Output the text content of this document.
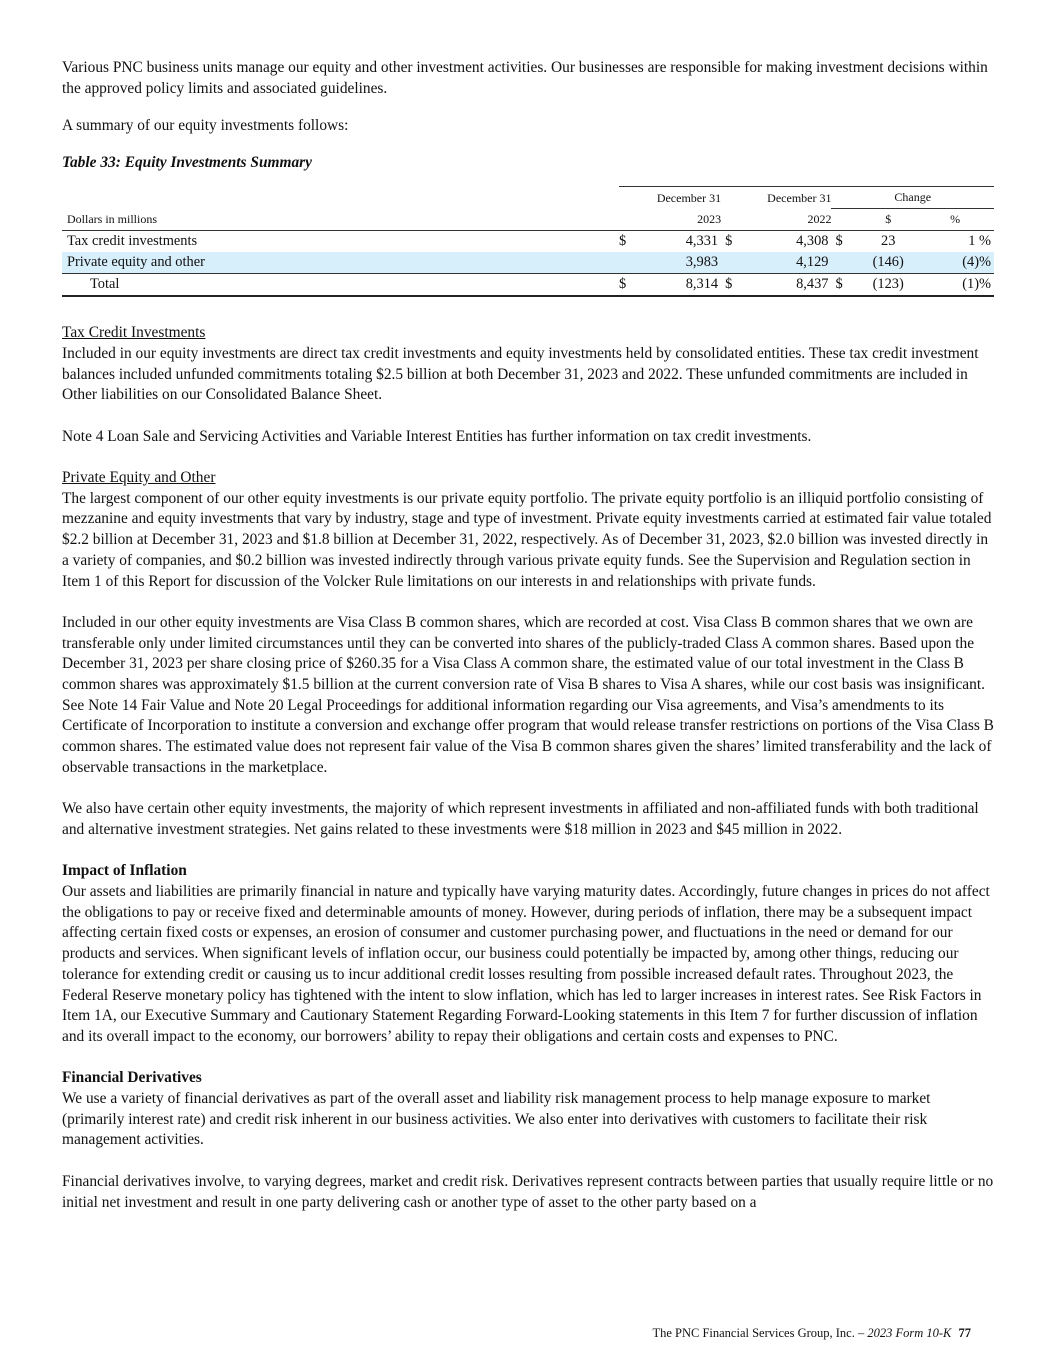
Various PNC business units manage our equity and other investment activities. Our businesses are responsible for making investment decisions within the approved policy limits and associated guidelines.

A summary of our equity investments follows:

Table 33: Equity Investments Summary
		December 31		December 31	Change		
Dollars in millions		2023		2022		$	%
Tax credit investments	$	4,331	$	4,308	$	23	1 %
Private equity and other		3,983		4,129		(146)	(4)%
Total	$	8,314	$	8,437	$	(123)	(1)%

Tax Credit Investments

Included in our equity investments are direct tax credit investments and equity investments held by consolidated entities. These tax credit investment balances included unfunded commitments totaling $2.5 billion at both December 31, 2023 and 2022. These unfunded commitments are included in Other liabilities on our Consolidated Balance Sheet.

Note 4 Loan Sale and Servicing Activities and Variable Interest Entities has further information on tax credit investments.

Private Equity and Other

The largest component of our other equity investments is our private equity portfolio. The private equity portfolio is an illiquid portfolio consisting of mezzanine and equity investments that vary by industry, stage and type of investment. Private equity investments carried at estimated fair value totaled $2.2 billion at December 31, 2023 and $1.8 billion at December 31, 2022, respectively. As of December 31, 2023, $2.0 billion was invested directly in a variety of companies, and $0.2 billion was invested indirectly through various private equity funds. See the Supervision and Regulation section in Item 1 of this Report for discussion of the Volcker Rule limitations on our interests in and relationships with private funds.

Included in our other equity investments are Visa Class B common shares, which are recorded at cost. Visa Class B common shares that we own are transferable only under limited circumstances until they can be converted into shares of the publicly-traded Class A common shares. Based upon the December 31, 2023 per share closing price of $260.35 for a Visa Class A common share, the estimated value of our total investment in the Class B common shares was approximately $1.5 billion at the current conversion rate of Visa B shares to Visa A shares, while our cost basis was insignificant. See Note 14 Fair Value and Note 20 Legal Proceedings for additional information regarding our Visa agreements, and Visa’s amendments to its Certificate of Incorporation to institute a conversion and exchange offer program that would release transfer restrictions on portions of the Visa Class B common shares. The estimated value does not represent fair value of the Visa B common shares given the shares’ limited transferability and the lack of observable transactions in the marketplace.

We also have certain other equity investments, the majority of which represent investments in affiliated and non-affiliated funds with both traditional and alternative investment strategies. Net gains related to these investments were $18 million in 2023 and $45 million in 2022.

Impact of Inflation

Our assets and liabilities are primarily financial in nature and typically have varying maturity dates. Accordingly, future changes in prices do not affect the obligations to pay or receive fixed and determinable amounts of money. However, during periods of inflation, there may be a subsequent impact affecting certain fixed costs or expenses, an erosion of consumer and customer purchasing power, and fluctuations in the need or demand for our products and services. When significant levels of inflation occur, our business could potentially be impacted by, among other things, reducing our tolerance for extending credit or causing us to incur additional credit losses resulting from possible increased default rates. Throughout 2023, the Federal Reserve monetary policy has tightened with the intent to slow inflation, which has led to larger increases in interest rates. See Risk Factors in Item 1A, our Executive Summary and Cautionary Statement Regarding Forward-Looking statements in this Item 7 for further discussion of inflation and its overall impact to the economy, our borrowers’ ability to repay their obligations and certain costs and expenses to PNC.

Financial Derivatives

We use a variety of financial derivatives as part of the overall asset and liability risk management process to help manage exposure to market (primarily interest rate) and credit risk inherent in our business activities. We also enter into derivatives with customers to facilitate their risk management activities.

Financial derivatives involve, to varying degrees, market and credit risk. Derivatives represent contracts between parties that usually require little or no initial net investment and result in one party delivering cash or another type of asset to the other party based on a

The PNC Financial Services Group, Inc. – 2023 Form 10-K 77
